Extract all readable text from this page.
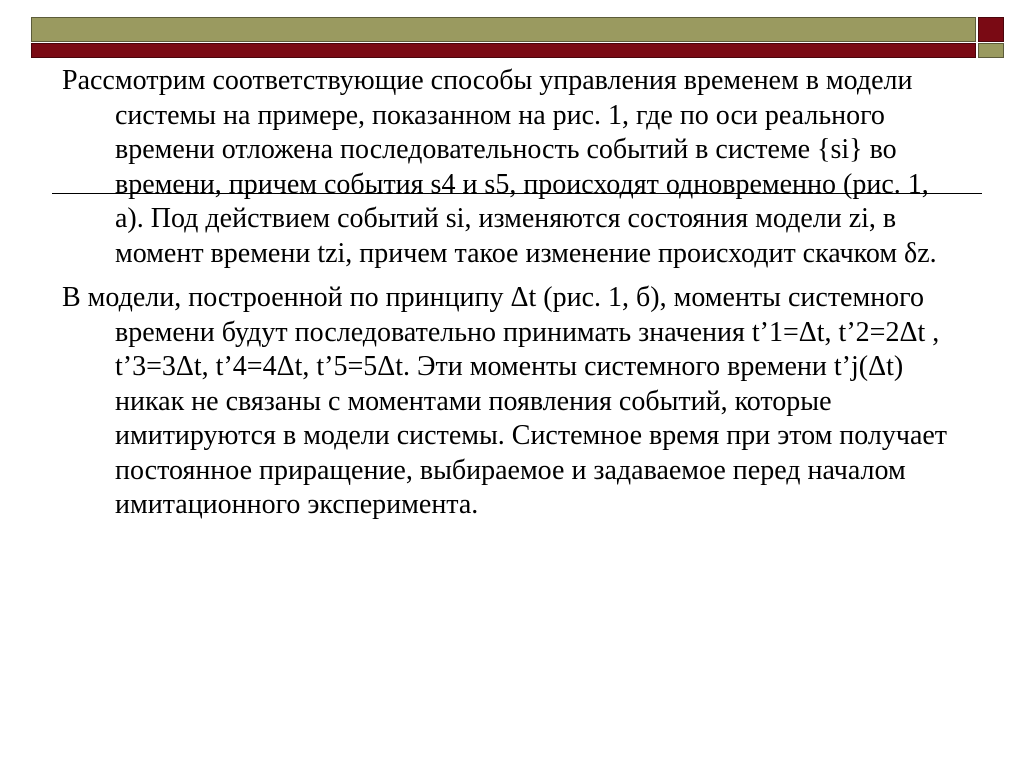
Рассмотрим соответствующие способы управления временем в модели системы на примере, показанном на рис. 1, где по оси реального времени отложена последовательность событий в системе {si} во времени, причем события s4 и s5, происходят одновременно (рис. 1, а). Под действием событий si, изменяются состояния модели zi, в момент времени tzi, причем такое изменение происходит скачком δz.

В модели, построенной по принципу Δt (рис. 1, б), моменты системного времени будут последовательно принимать значения t’1=Δt, t’2=2Δt , t’3=3Δt, t’4=4Δt, t’5=5Δt. Эти моменты системного времени t’j(Δt) никак не связаны с моментами появления событий, которые имитируются в модели системы. Системное время при этом получает постоянное приращение, выбираемое и задаваемое перед началом имитационного эксперимента.
